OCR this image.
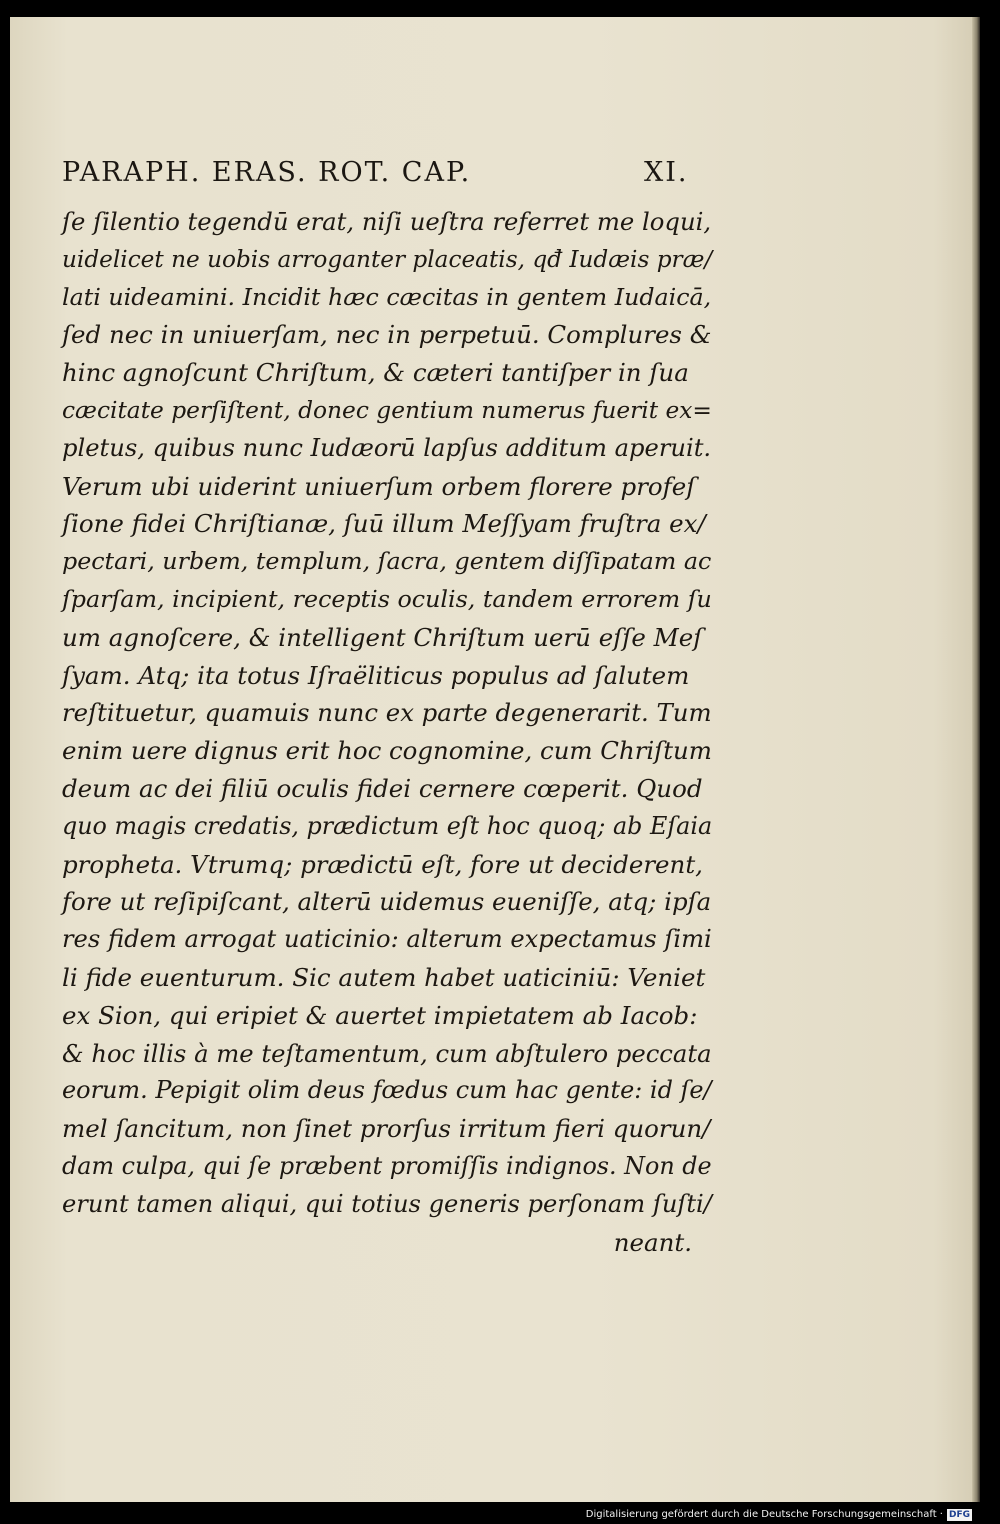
PARAPH. ERAS. ROT. CAP.	XI.
ſe ſilentio tegendū erat, niſi ueſtra referret me loqui,
uidelicet ne uobis arroganter placeatis, qđ Iudæis præ/
lati uideamini. Incidit hæc cæcitas in gentem Iudaicā,
ſed nec in uniuerſam, nec in perpetuū. Complures &
hinc agnoſcunt Chriſtum, & cæteri tantiſper in ſua
cæcitate perſiſtent, donec gentium numerus fuerit ex=
pletus, quibus nunc Iudæorū lapſus additum aperuit.
Verum ubi uiderint uniuerſum orbem florere profeſ
ſione fidei Chriſtianæ, ſuū illum Meſſyam fruſtra ex/
pectari, urbem, templum, ſacra, gentem diſſipatam ac
ſparſam, incipient, receptis oculis, tandem errorem ſu
um agnoſcere, & intelligent Chriſtum uerū eſſe Meſ
ſyam. Atq; ita totus Iſraëliticus populus ad ſalutem
reſtituetur, quamuis nunc ex parte degenerarit. Tum
enim uere dignus erit hoc cognomine, cum Chriſtum
deum ac dei filiū oculis fidei cernere cœperit. Quod
quo magis credatis, prædictum eſt hoc quoq; ab Eſaia
propheta. Vtrumq; prædictū eſt, fore ut deciderent,
fore ut reſipiſcant, alterū uidemus eueniſſe, atq; ipſa
res fidem arrogat uaticinio: alterum expectamus ſimi
li fide euenturum. Sic autem habet uaticiniū: Veniet
ex Sion, qui eripiet & auertet impietatem ab Iacob:
& hoc illis à me teſtamentum, cum abſtulero peccata
eorum. Pepigit olim deus fœdus cum hac gente: id ſe/
mel ſancitum, non ſinet prorſus irritum fieri quorun/
dam culpa, qui ſe præbent promiſſis indignos. Non de
erunt tamen aliqui, qui totius generis perſonam ſuſti/
neant.
Digitalisierung gefördert durch die Deutsche Forschungsgemeinschaft · DFG
